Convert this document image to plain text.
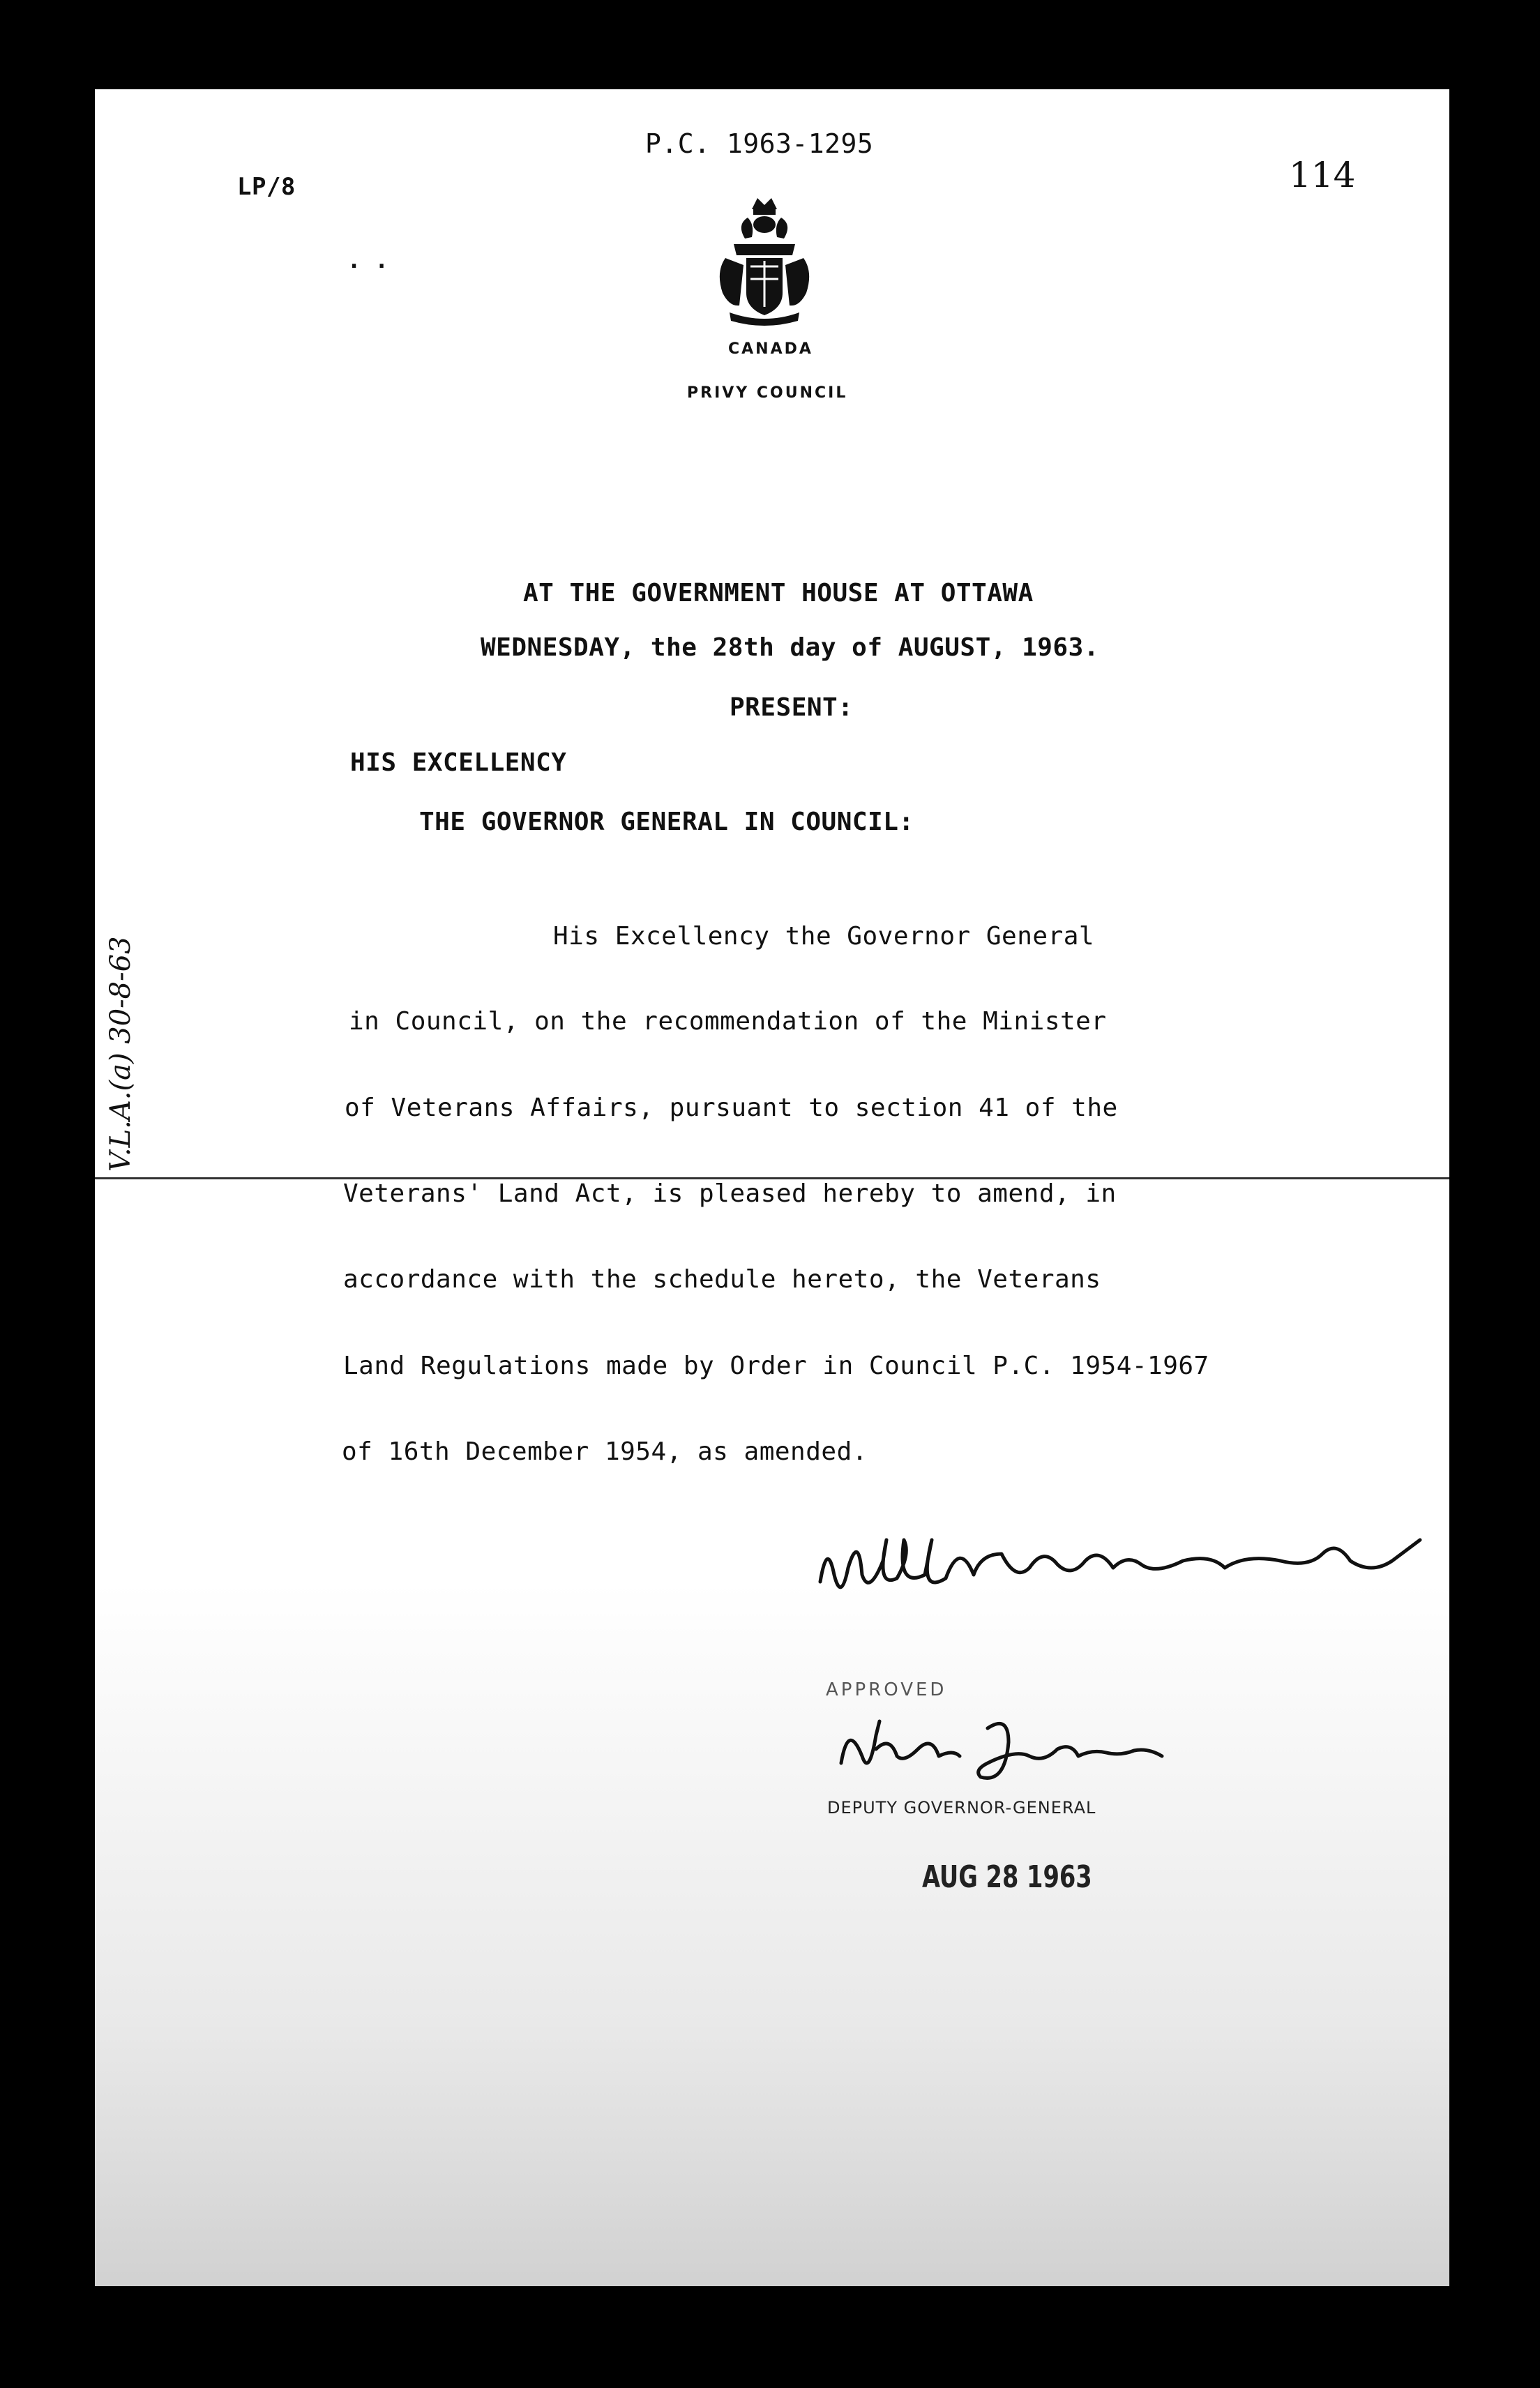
P.C. 1963-1295
LP/8	114
. .
CANADA
PRIVY COUNCIL
AT THE GOVERNMENT HOUSE AT OTTAWA
WEDNESDAY, the 28th day of AUGUST, 1963.
PRESENT:
HIS EXCELLENCY
THE GOVERNOR GENERAL IN COUNCIL:
His Excellency the Governor General
in Council, on the recommendation of the Minister
of Veterans Affairs, pursuant to section 41 of the
Veterans' Land Act, is pleased hereby to amend, in
accordance with the schedule hereto, the Veterans
Land Regulations made by Order in Council P.C. 1954-1967
of 16th December 1954, as amended.
APPROVED
DEPUTY GOVERNOR-GENERAL
AUG 28 1963
V.L.A.(a) 30-8-63
